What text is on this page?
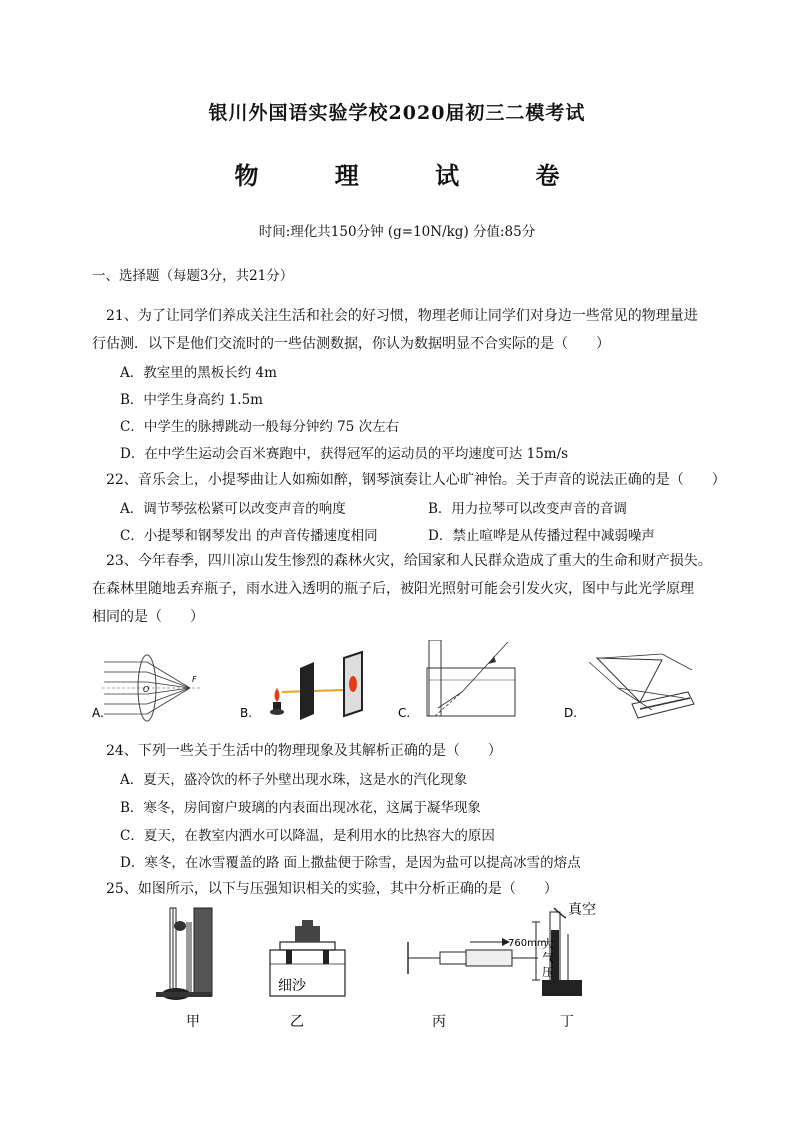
银川外国语实验学校2020届初三二模考试
物 理 试 卷
时间:理化共150分钟 (g=10N/kg) 分值:85分
一、选择题（每题3分，共21分）
21、为了让同学们养成关注生活和社会的好习惯，物理老师让同学们对身边一些常见的物理量进
行估测．以下是他们交流时的一些估测数据，你认为数据明显不合实际的是（　　）
A．教室里的黑板长约 4m
B．中学生身高约 1.5m
C．中学生的脉搏跳动一般每分钟约 75 次左右
D．在中学生运动会百米赛跑中，获得冠军的运动员的平均速度可达 15m/s
22、音乐会上，小提琴曲让人如痴如醉，钢琴演奏让人心旷神怡。关于声音的说法正确的是（　　）
A．调节琴弦松紧可以改变声音的响度	B．用力拉琴可以改变声音的音调
C．小提琴和钢琴发出 的声音传播速度相同	D．禁止喧哗是从传播过程中减弱噪声
23、今年春季，四川凉山发生惨烈的森林火灾，给国家和人民群众造成了重大的生命和财产损失。
在森林里随地丢弃瓶子，雨水进入透明的瓶子后，被阳光照射可能会引发火灾，图中与此光学原理
相同的是（　　）
O
F
A.	B.	C.	D.
24、下列一些关于生活中的物理现象及其解析正确的是（　　）
A．夏天，盛冷饮的杯子外壁出现水珠，这是水的汽化现象
B．寒冬，房间窗户玻璃的内表面出现冰花，这属于凝华现象
C．夏天，在教室内洒水可以降温，是利用水的比热容大的原因
D．寒冬，在冰雪覆盖的路 面上撒盐便于除雪，是因为盐可以提高冰雪的熔点
25、如图所示，以下与压强知识相关的实验，其中分析正确的是（　　）
甲
细沙
乙	丙
760mm
真空
大
气
压
丁
